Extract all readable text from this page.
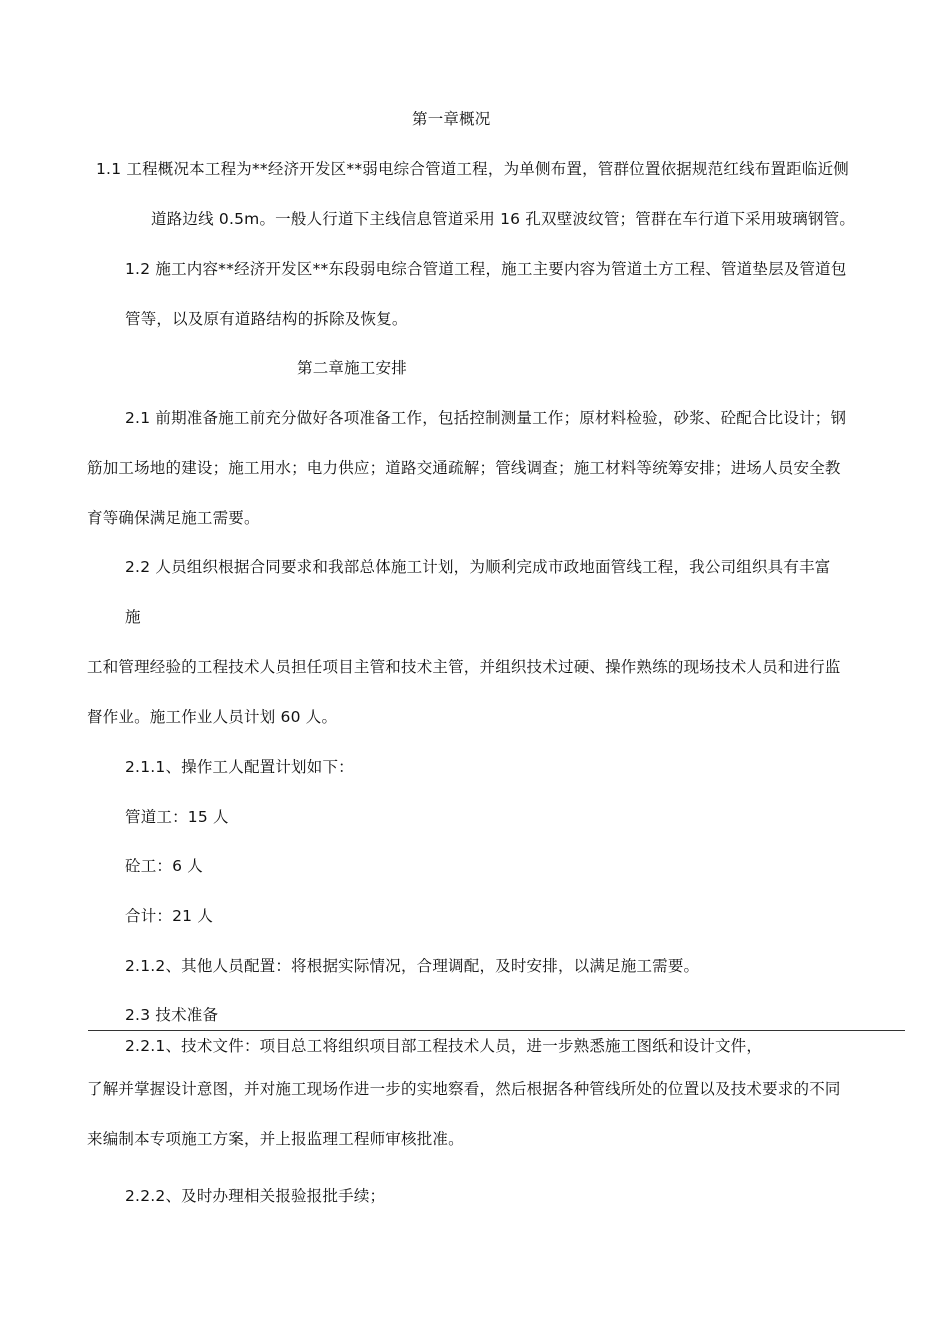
第一章概况
1.1 工程概况本工程为**经济开发区**弱电综合管道工程，为单侧布置，管群位置依据规范红线布置距临近侧
道路边线 0.5m。一般人行道下主线信息管道采用 16 孔双壁波纹管；管群在车行道下采用玻璃钢管。
1.2 施工内容**经济开发区**东段弱电综合管道工程，施工主要内容为管道土方工程、管道垫层及管道包
管等，以及原有道路结构的拆除及恢复。
第二章施工安排
2.1 前期准备施工前充分做好各项准备工作，包括控制测量工作；原材料检验，砂浆、砼配合比设计；钢
筋加工场地的建设；施工用水；电力供应；道路交通疏解；管线调查；施工材料等统筹安排；进场人员安全教
育等确保满足施工需要。
2.2 人员组织根据合同要求和我部总体施工计划，为顺利完成市政地面管线工程，我公司组织具有丰富
施
工和管理经验的工程技术人员担任项目主管和技术主管，并组织技术过硬、操作熟练的现场技术人员和进行监
督作业。施工作业人员计划 60 人。
2.1.1、操作工人配置计划如下：
管道工：15 人
砼工：6 人
合计：21 人
2.1.2、其他人员配置：将根据实际情况，合理调配，及时安排，以满足施工需要。
2.3 技术准备
2.2.1、技术文件：项目总工将组织项目部工程技术人员，进一步熟悉施工图纸和设计文件，
了解并掌握设计意图，并对施工现场作进一步的实地察看，然后根据各种管线所处的位置以及技术要求的不同
来编制本专项施工方案，并上报监理工程师审核批准。
2.2.2、及时办理相关报验报批手续；
